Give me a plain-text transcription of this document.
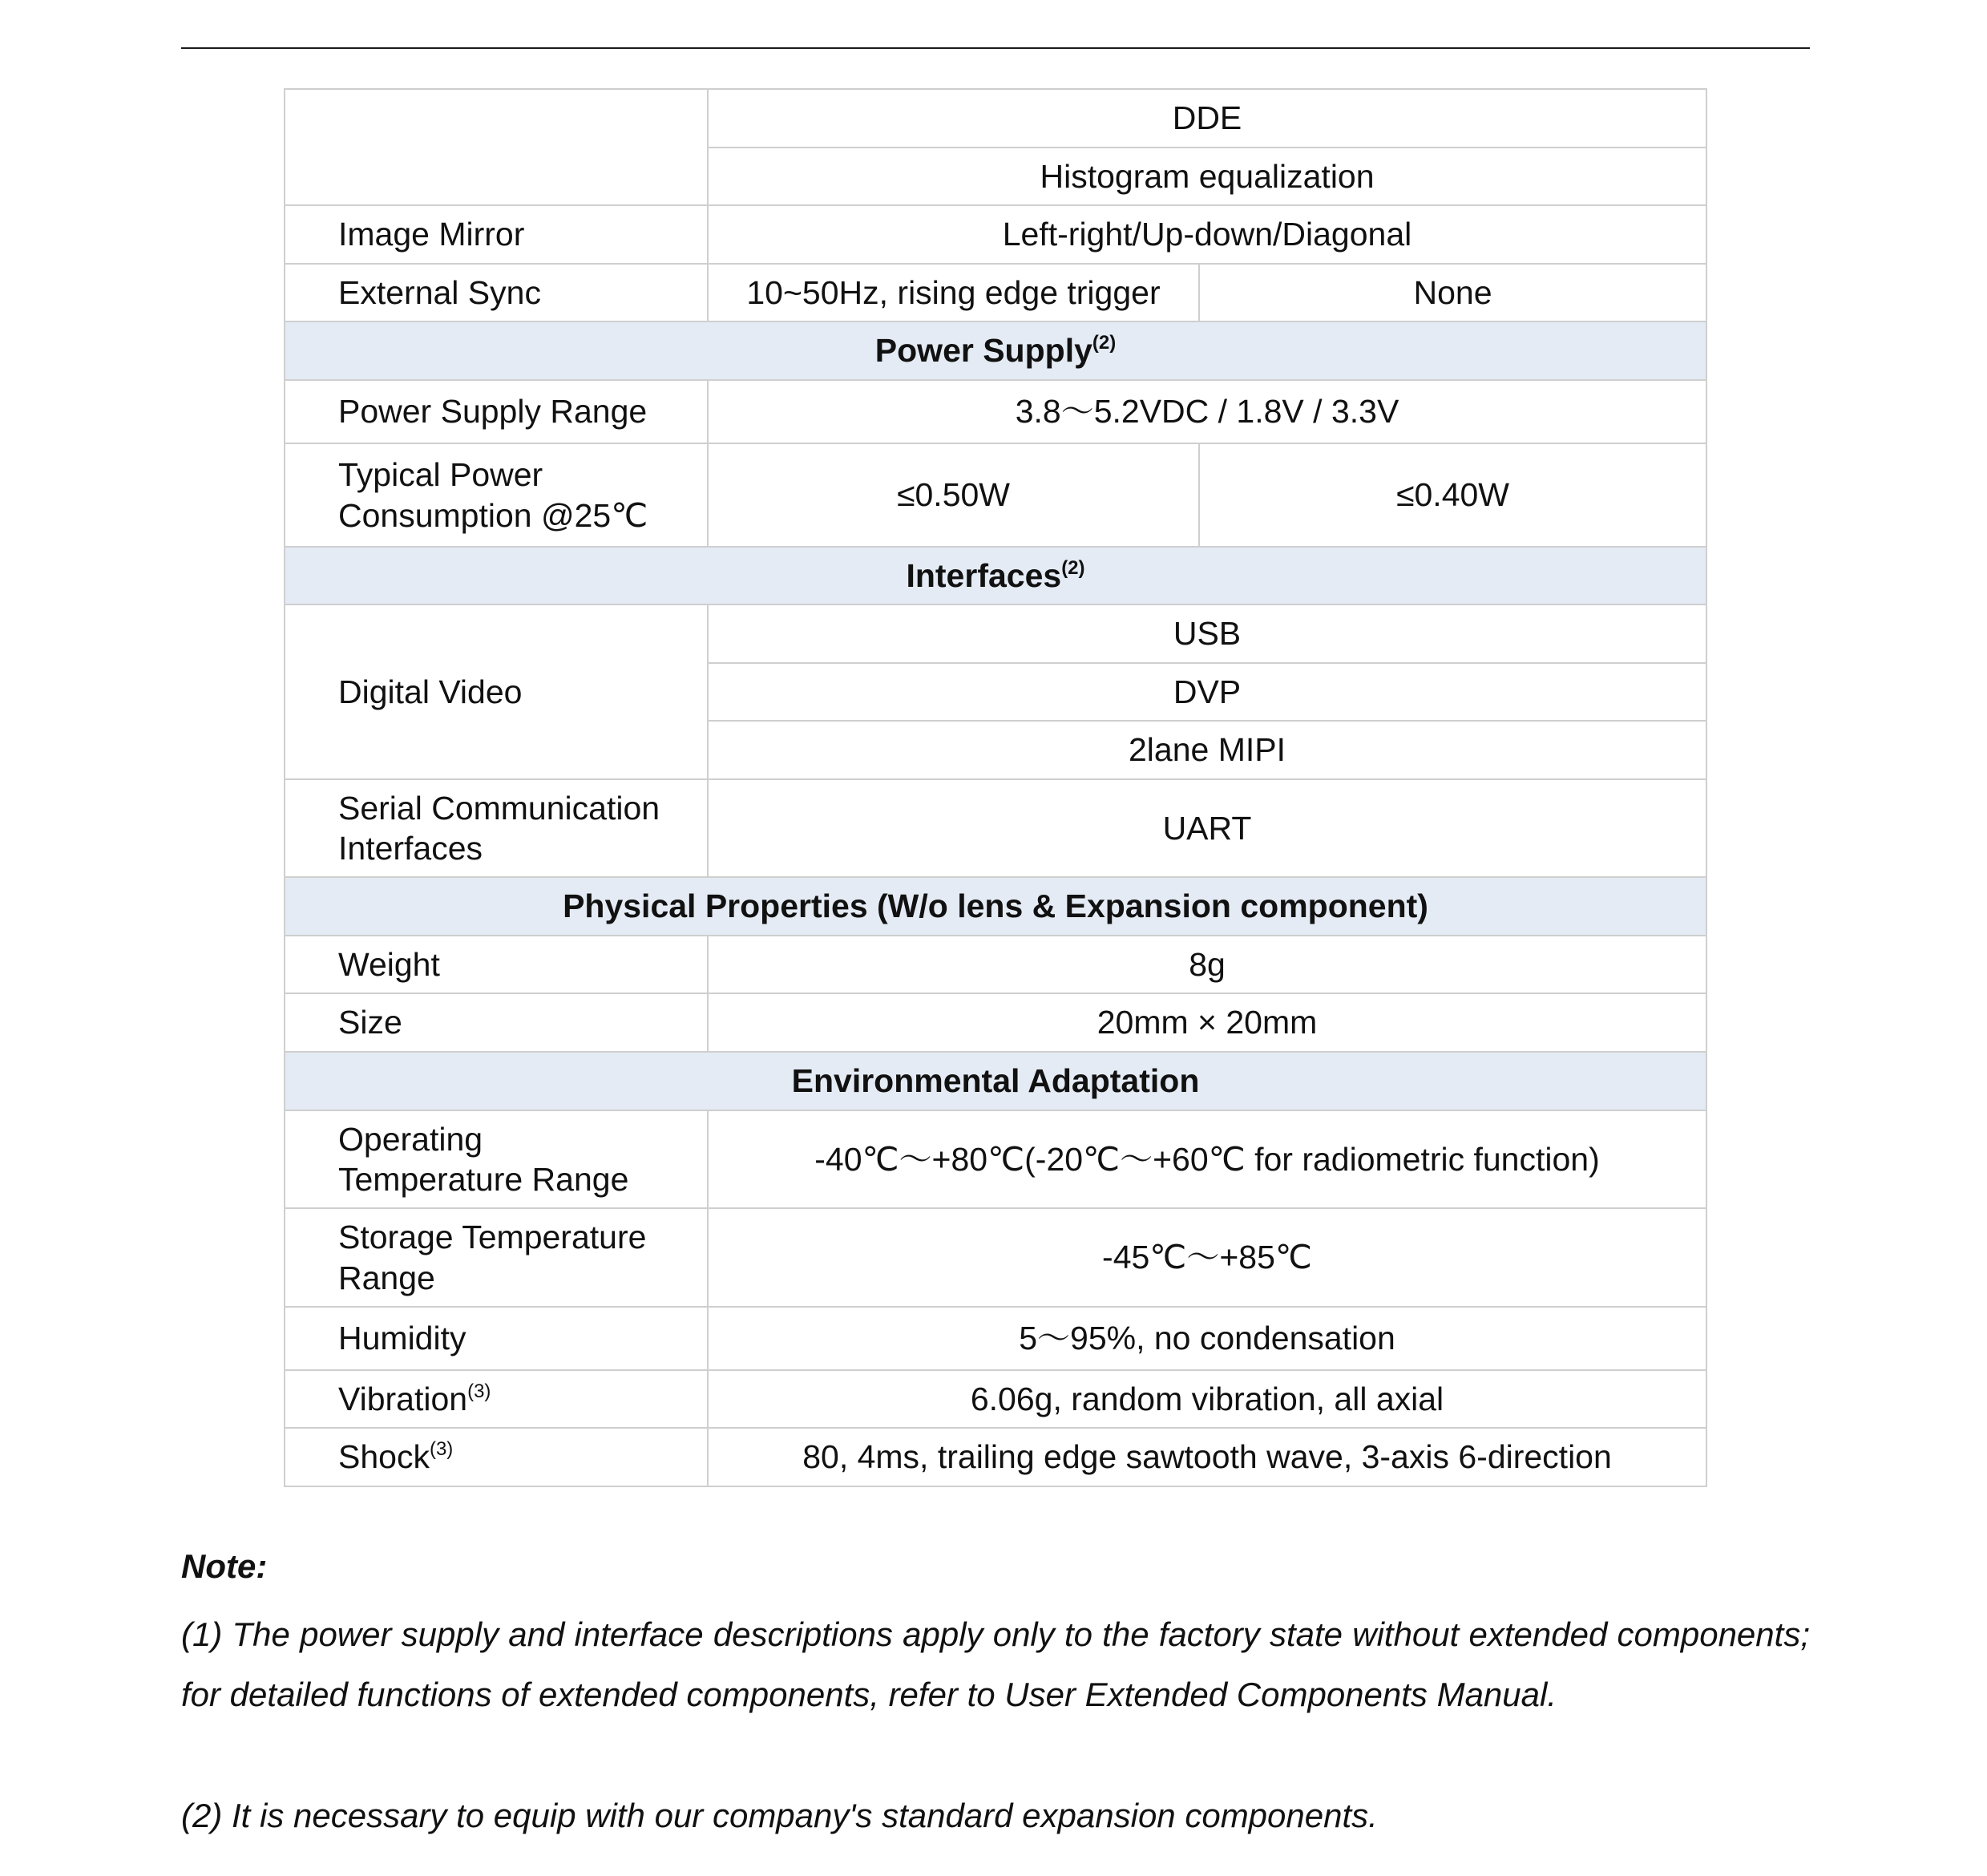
	DDE	
	Histogram equalization	
Image Mirror	Left-right/Up-down/Diagonal	
External Sync	10~50Hz, rising edge trigger	None
Power Supply$^{(2)}$
Power Supply Range	3.8～5.2VDC / 1.8V / 3.3V	
Typical Power
Consumption @25℃	≤0.50W	≤0.40W
Interfaces$^{(2)}$
Digital Video	USB	
	DVP	
	2lane MIPI	
Serial Communication
Interfaces	UART	
Physical Properties (W/o lens & Expansion component)		
Weight	8g	
Size	20mm × 20mm	
Environmental Adaptation		
Operating
Temperature Range	-40℃～+80℃(-20℃～+60℃ for radiometric function)	
Storage Temperature
Range	-45℃～+85℃	
Humidity	5～95%, no condensation	
Vibration$^{(3)}$	6.06g, random vibration, all axial	
Shock$^{(3)}$	80, 4ms, trailing edge sawtooth wave, 3-axis 6-direction	
Note:
(1) The power supply and interface descriptions apply only to the factory state without extended components; for detailed functions of extended components, refer to User Extended Components Manual.
(2) It is necessary to equip with our company's standard expansion components.
